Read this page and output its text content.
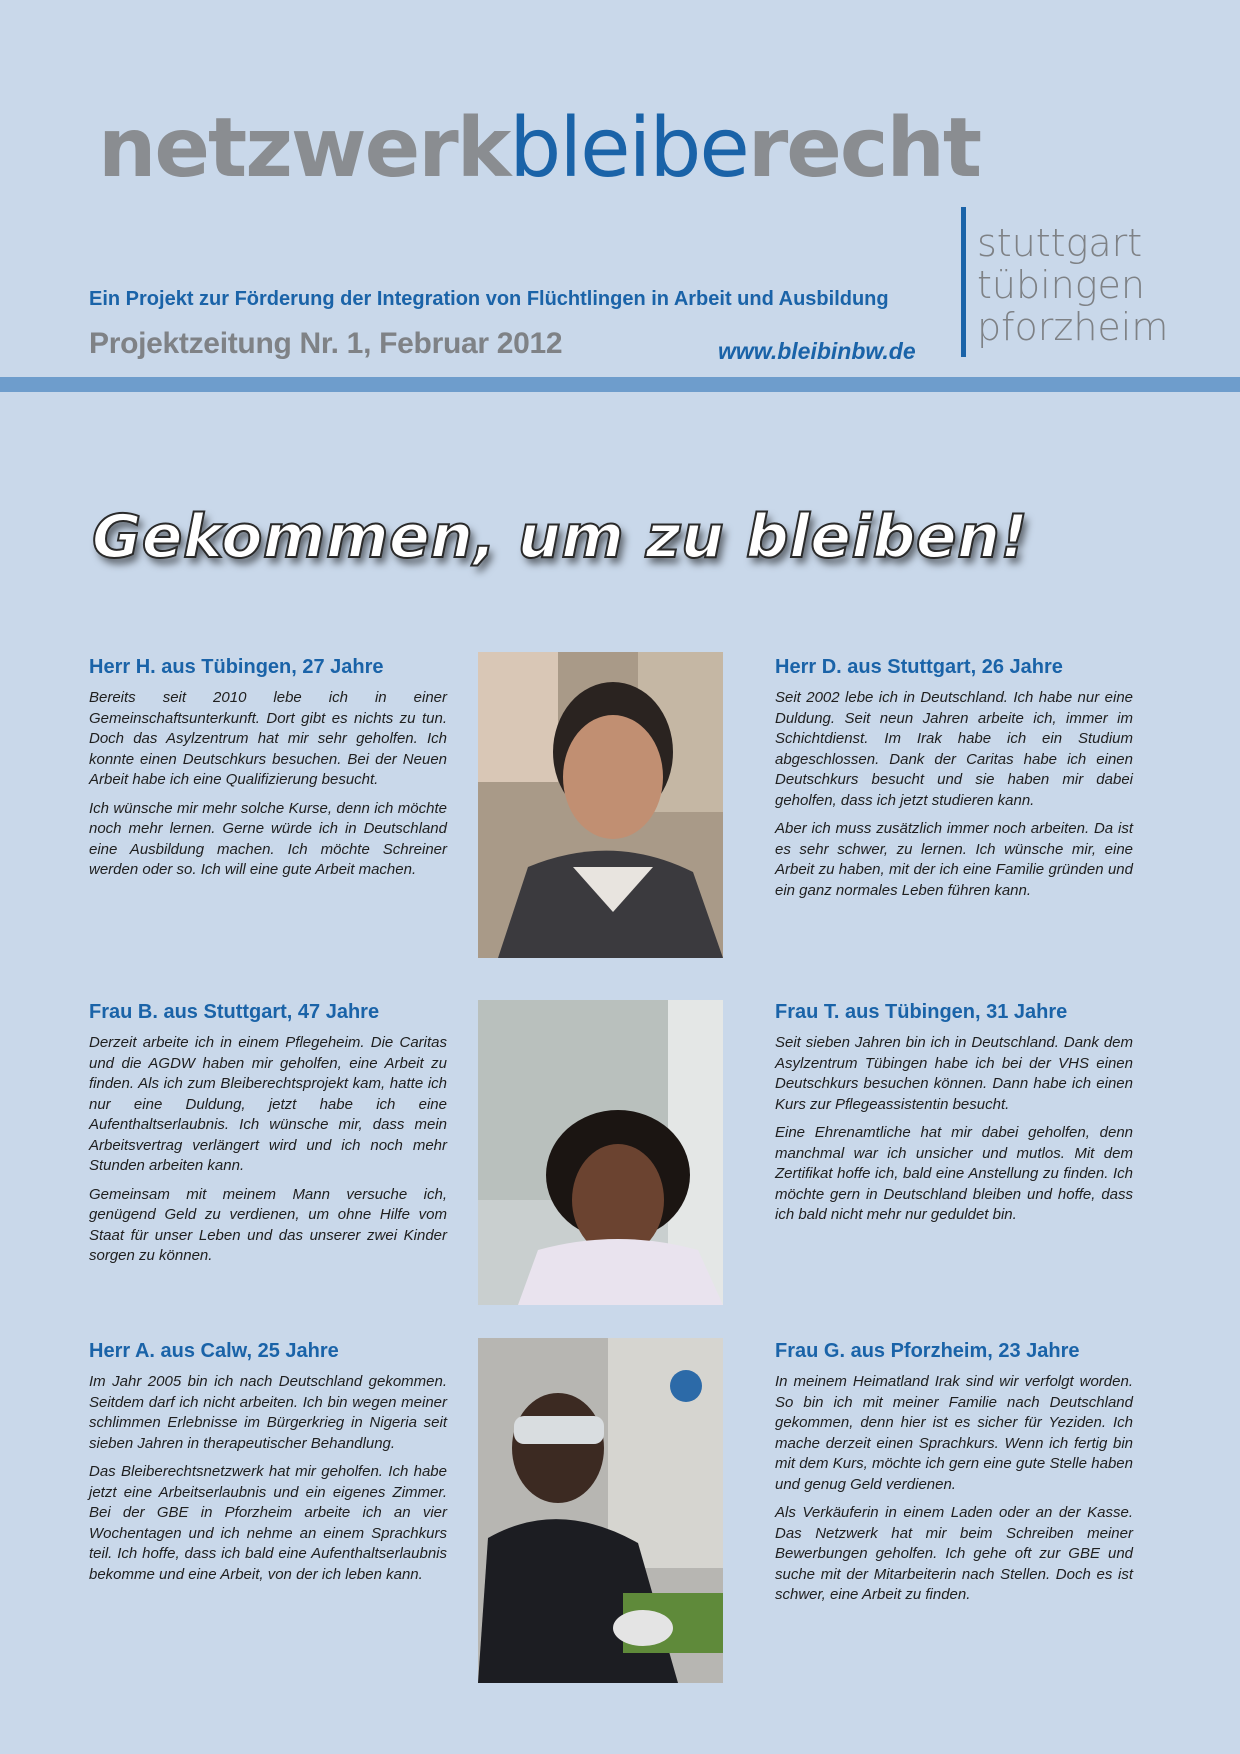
netzwerkbleiberecht
stuttgart
tübingen
pforzheim
Ein Projekt zur Förderung der Integration von Flüchtlingen in Arbeit und Ausbildung
Projektzeitung Nr. 1, Februar 2012	www.bleibinbw.de
Gekommen, um zu bleiben!
Herr H. aus Tübingen, 27 Jahre

Bereits seit 2010 lebe ich in einer Gemeinschaftsunterkunft. Dort gibt es nichts zu tun. Doch das Asylzentrum hat mir sehr geholfen. Ich konnte einen Deutschkurs besuchen. Bei der Neuen Arbeit habe ich eine Qualifizierung besucht.

Ich wünsche mir mehr solche Kurse, denn ich möchte noch mehr lernen. Gerne würde ich in Deutschland eine Ausbildung machen. Ich möchte Schreiner werden oder so. Ich will eine gute Arbeit machen.

Herr D. aus Stuttgart, 26 Jahre

Seit 2002 lebe ich in Deutschland. Ich habe nur eine Duldung. Seit neun Jahren arbeite ich, immer im Schichtdienst. Im Irak habe ich ein Studium abgeschlossen. Dank der Caritas habe ich einen Deutschkurs besucht und sie haben mir dabei geholfen, dass ich jetzt studieren kann.

Aber ich muss zusätzlich immer noch arbeiten. Da ist es sehr schwer, zu lernen. Ich wünsche mir, eine Arbeit zu haben, mit der ich eine Familie gründen und ein ganz normales Leben führen kann.

Frau B. aus Stuttgart, 47 Jahre

Derzeit arbeite ich in einem Pflegeheim. Die Caritas und die AGDW haben mir geholfen, eine Arbeit zu finden. Als ich zum Bleiberechtsprojekt kam, hatte ich nur eine Duldung, jetzt habe ich eine Aufenthaltserlaubnis. Ich wünsche mir, dass mein Arbeitsvertrag verlängert wird und ich noch mehr Stunden arbeiten kann.

Gemeinsam mit meinem Mann versuche ich, genügend Geld zu verdienen, um ohne Hilfe vom Staat für unser Leben und das unserer zwei Kinder sorgen zu können.

Frau T. aus Tübingen, 31 Jahre

Seit sieben Jahren bin ich in Deutschland. Dank dem Asylzentrum Tübingen habe ich bei der VHS einen Deutschkurs besuchen können. Dann habe ich einen Kurs zur Pflegeassistentin besucht.

Eine Ehrenamtliche hat mir dabei geholfen, denn manchmal war ich unsicher und mutlos. Mit dem Zertifikat hoffe ich, bald eine Anstellung zu finden. Ich möchte gern in Deutschland bleiben und hoffe, dass ich bald nicht mehr nur geduldet bin.

Herr A. aus Calw, 25 Jahre

Im Jahr 2005 bin ich nach Deutschland gekommen. Seitdem darf ich nicht arbeiten. Ich bin wegen meiner schlimmen Erlebnisse im Bürgerkrieg in Nigeria seit sieben Jahren in therapeutischer Behandlung.

Das Bleiberechtsnetzwerk hat mir geholfen. Ich habe jetzt eine Arbeitserlaubnis und ein eigenes Zimmer. Bei der GBE in Pforzheim arbeite ich an vier Wochentagen und ich nehme an einem Sprachkurs teil. Ich hoffe, dass ich bald eine Aufenthaltserlaubnis bekomme und eine Arbeit, von der ich leben kann.

Frau G. aus Pforzheim, 23 Jahre

In meinem Heimatland Irak sind wir verfolgt worden. So bin ich mit meiner Familie nach Deutschland gekommen, denn hier ist es sicher für Yeziden. Ich mache derzeit einen Sprachkurs. Wenn ich fertig bin mit dem Kurs, möchte ich gern eine gute Stelle haben und genug Geld verdienen.

Als Verkäuferin in einem Laden oder an der Kasse. Das Netzwerk hat mir beim Schreiben meiner Bewerbungen geholfen. Ich gehe oft zur GBE und suche mit der Mitarbeiterin nach Stellen. Doch es ist schwer, eine Arbeit zu finden.
